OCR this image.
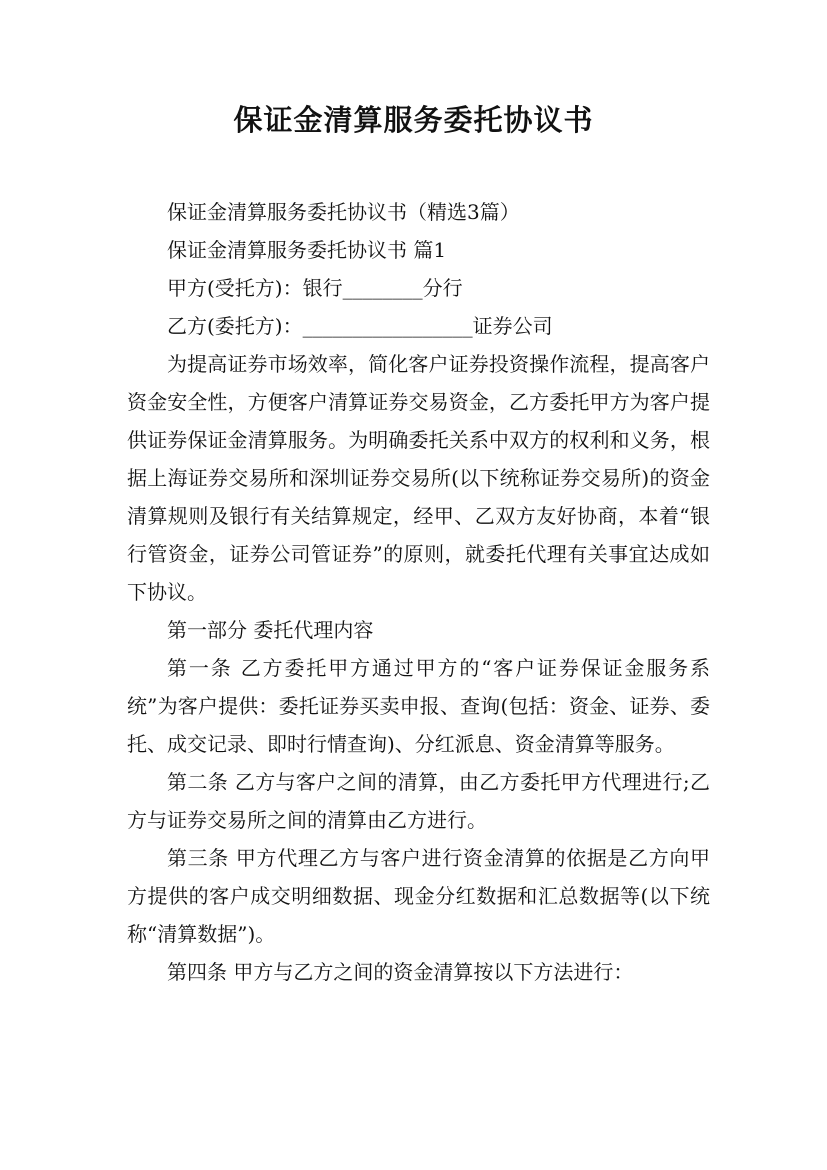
保证金清算服务委托协议书

保证金清算服务委托协议书（精选3篇）

保证金清算服务委托协议书 篇1

甲方(受托方)：银行________分行

乙方(委托方)：_________________证券公司

为提高证券市场效率，简化客户证券投资操作流程，提高客户资金安全性，方便客户清算证券交易资金，乙方委托甲方为客户提供证券保证金清算服务。为明确委托关系中双方的权利和义务，根据上海证券交易所和深圳证券交易所(以下统称证券交易所)的资金清算规则及银行有关结算规定，经甲、乙双方友好协商，本着“银行管资金，证券公司管证券”的原则，就委托代理有关事宜达成如下协议。

第一部分 委托代理内容

第一条 乙方委托甲方通过甲方的“客户证券保证金服务系统”为客户提供：委托证券买卖申报、查询(包括：资金、证券、委托、成交记录、即时行情查询)、分红派息、资金清算等服务。

第二条 乙方与客户之间的清算，由乙方委托甲方代理进行;乙方与证券交易所之间的清算由乙方进行。

第三条 甲方代理乙方与客户进行资金清算的依据是乙方向甲方提供的客户成交明细数据、现金分红数据和汇总数据等(以下统称“清算数据”)。

第四条 甲方与乙方之间的资金清算按以下方法进行：
